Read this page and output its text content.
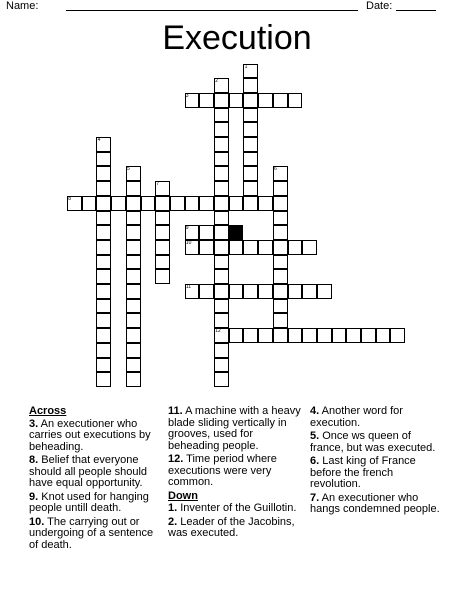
Name:	Date:
Execution
1
2
12
3
4
5	6
7
8
9
10
11
Across
3. An executioner who carries out executions by beheading.
8. Belief that everyone should all people should have equal opportunity.
9. Knot used for hanging people untill death.
10. The carrying out or undergoing of a sentence of death.
11. A machine with a heavy blade sliding vertically in grooves, used for beheading people.
12. Time period where executions were very common.
Down
1. Inventer of the Guillotin.
2. Leader of the Jacobins, was executed.
4. Another word for execution.
5. Once ws queen of france, but was executed.
6. Last king of France before the french revolution.
7. An executioner who hangs condemned people.
